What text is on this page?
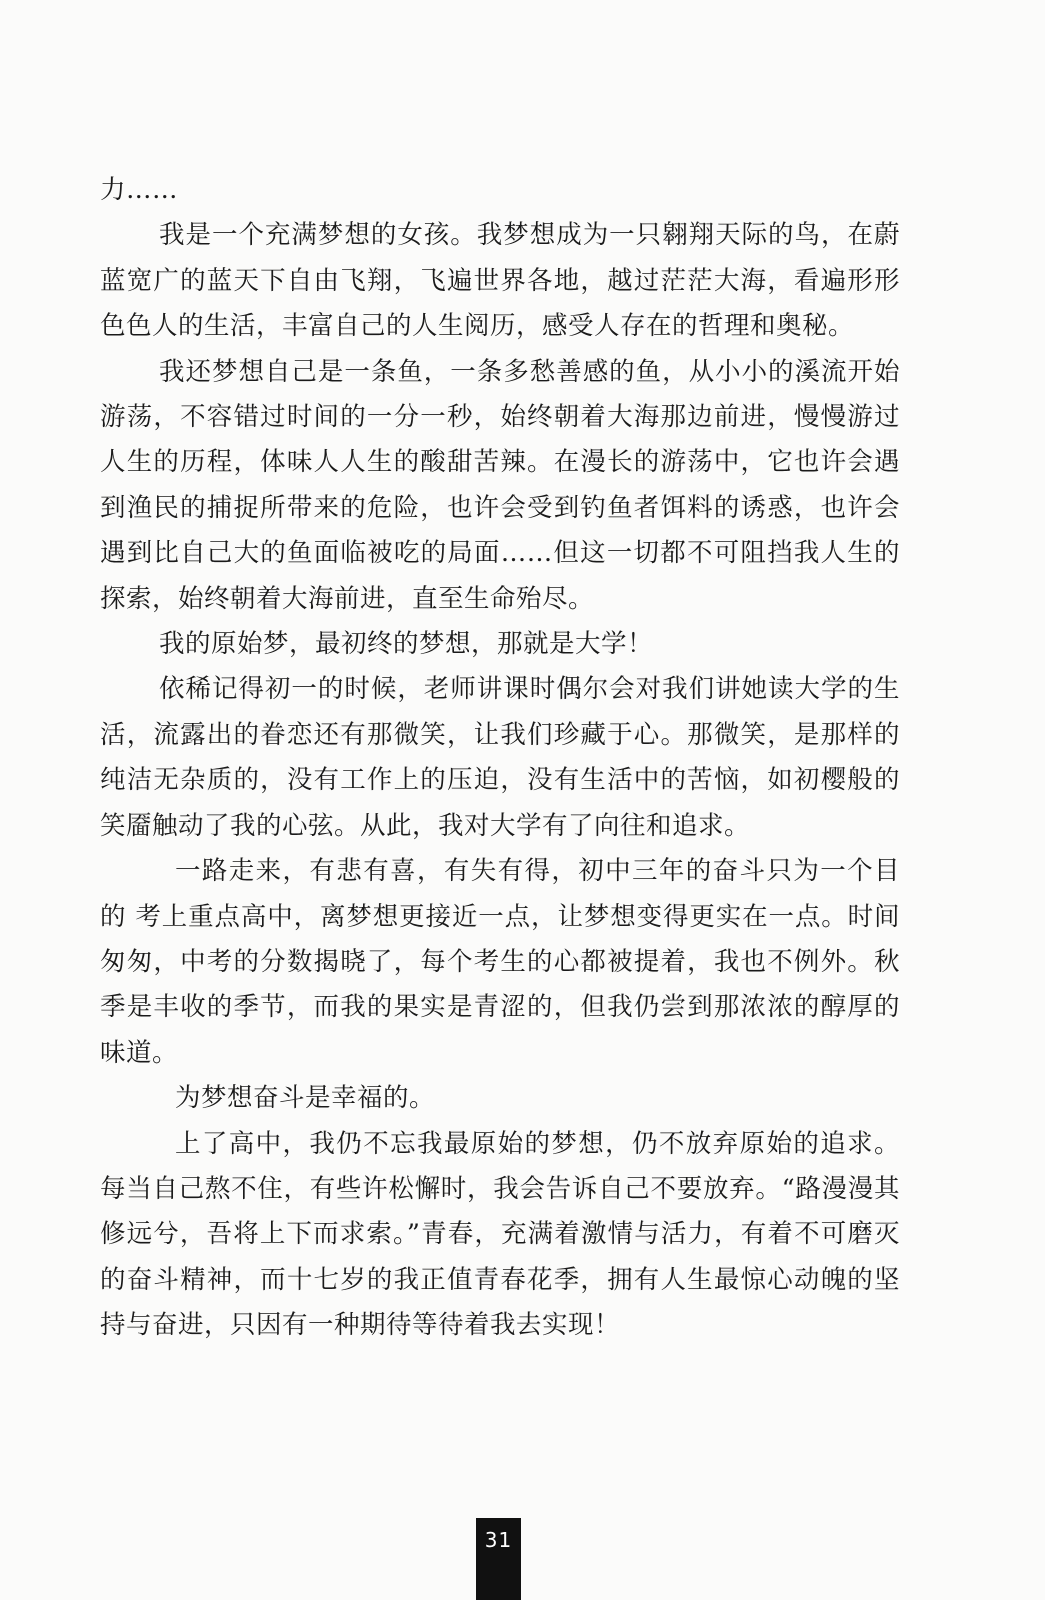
力……

我是一个充满梦想的女孩。我梦想成为一只翱翔天际的鸟，在蔚蓝宽广的蓝天下自由飞翔，飞遍世界各地，越过茫茫大海，看遍形形色色人的生活，丰富自己的人生阅历，感受人存在的哲理和奥秘。

我还梦想自己是一条鱼，一条多愁善感的鱼，从小小的溪流开始游荡，不容错过时间的一分一秒，始终朝着大海那边前进，慢慢游过人生的历程，体味人人生的酸甜苦辣。在漫长的游荡中，它也许会遇到渔民的捕捉所带来的危险，也许会受到钓鱼者饵料的诱惑，也许会遇到比自己大的鱼面临被吃的局面……但这一切都不可阻挡我人生的探索，始终朝着大海前进，直至生命殆尽。

我的原始梦，最初终的梦想，那就是大学！

依稀记得初一的时候，老师讲课时偶尔会对我们讲她读大学的生活，流露出的眷恋还有那微笑，让我们珍藏于心。那微笑，是那样的纯洁无杂质的，没有工作上的压迫，没有生活中的苦恼，如初樱般的笑靥触动了我的心弦。从此，我对大学有了向往和追求。

一路走来，有悲有喜，有失有得，初中三年的奋斗只为一个目的 考上重点高中，离梦想更接近一点，让梦想变得更实在一点。时间匆匆，中考的分数揭晓了，每个考生的心都被提着，我也不例外。秋季是丰收的季节，而我的果实是青涩的，但我仍尝到那浓浓的醇厚的味道。

为梦想奋斗是幸福的。

上了高中，我仍不忘我最原始的梦想，仍不放弃原始的追求。每当自己熬不住，有些许松懈时，我会告诉自己不要放弃。“路漫漫其修远兮，吾将上下而求索。”青春，充满着激情与活力，有着不可磨灭的奋斗精神，而十七岁的我正值青春花季，拥有人生最惊心动魄的坚持与奋进，只因有一种期待等待着我去实现！

31
